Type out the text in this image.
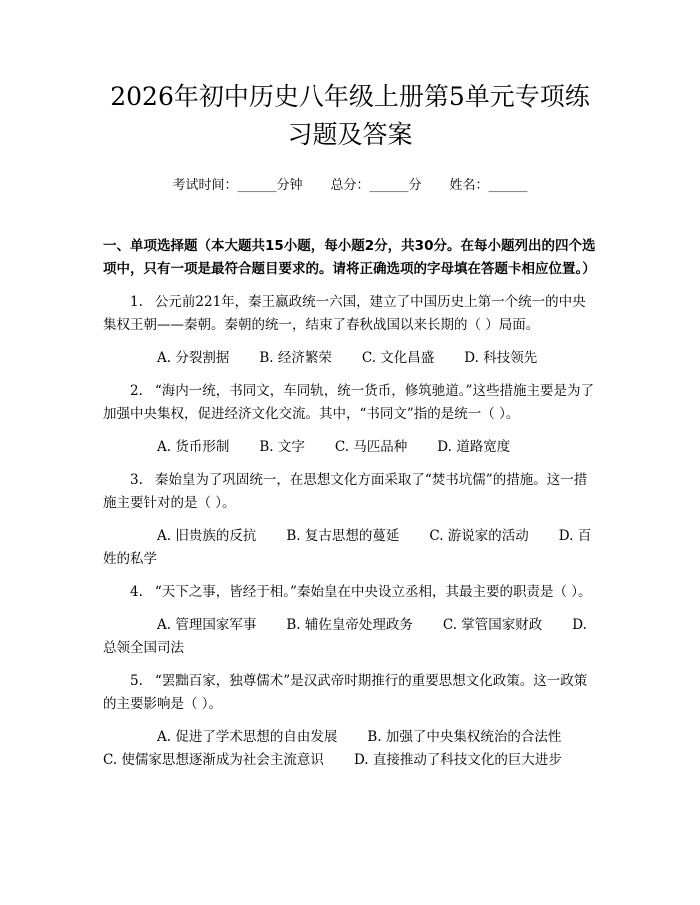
2026年初中历史八年级上册第5单元专项练
习题及答案
考试时间：______分钟 总分：______分 姓名：______
一、单项选择题（本大题共15小题，每小题2分，共30分。在每小题列出的四个选项中，只有一项是最符合题目要求的。请将正确选项的字母填在答题卡相应位置。）
1. 公元前221年，秦王嬴政统一六国，建立了中国历史上第一个统一的中央集权王朝——秦朝。秦朝的统一，结束了春秋战国以来长期的（ ）局面。
A. 分裂割据 B. 经济繁荣 C. 文化昌盛 D. 科技领先
2. “海内一统，书同文，车同轨，统一货币，修筑驰道。”这些措施主要是为了加强中央集权，促进经济文化交流。其中，“书同文”指的是统一（ ）。
A. 货币形制 B. 文字 C. 马匹品种 D. 道路宽度
3. 秦始皇为了巩固统一，在思想文化方面采取了“焚书坑儒”的措施。这一措施主要针对的是（ ）。
A. 旧贵族的反抗 B. 复古思想的蔓延 C. 游说家的活动 D. 百姓的私学
4. “天下之事，皆经于相。”秦始皇在中央设立丞相，其最主要的职责是（ ）。
A. 管理国家军事 B. 辅佐皇帝处理政务 C. 掌管国家财政 D. 总领全国司法
5. “罢黜百家，独尊儒术”是汉武帝时期推行的重要思想文化政策。这一政策的主要影响是（ ）。
A. 促进了学术思想的自由发展 B. 加强了中央集权统治的合法性C. 使儒家思想逐渐成为社会主流意识 D. 直接推动了科技文化的巨大进步
